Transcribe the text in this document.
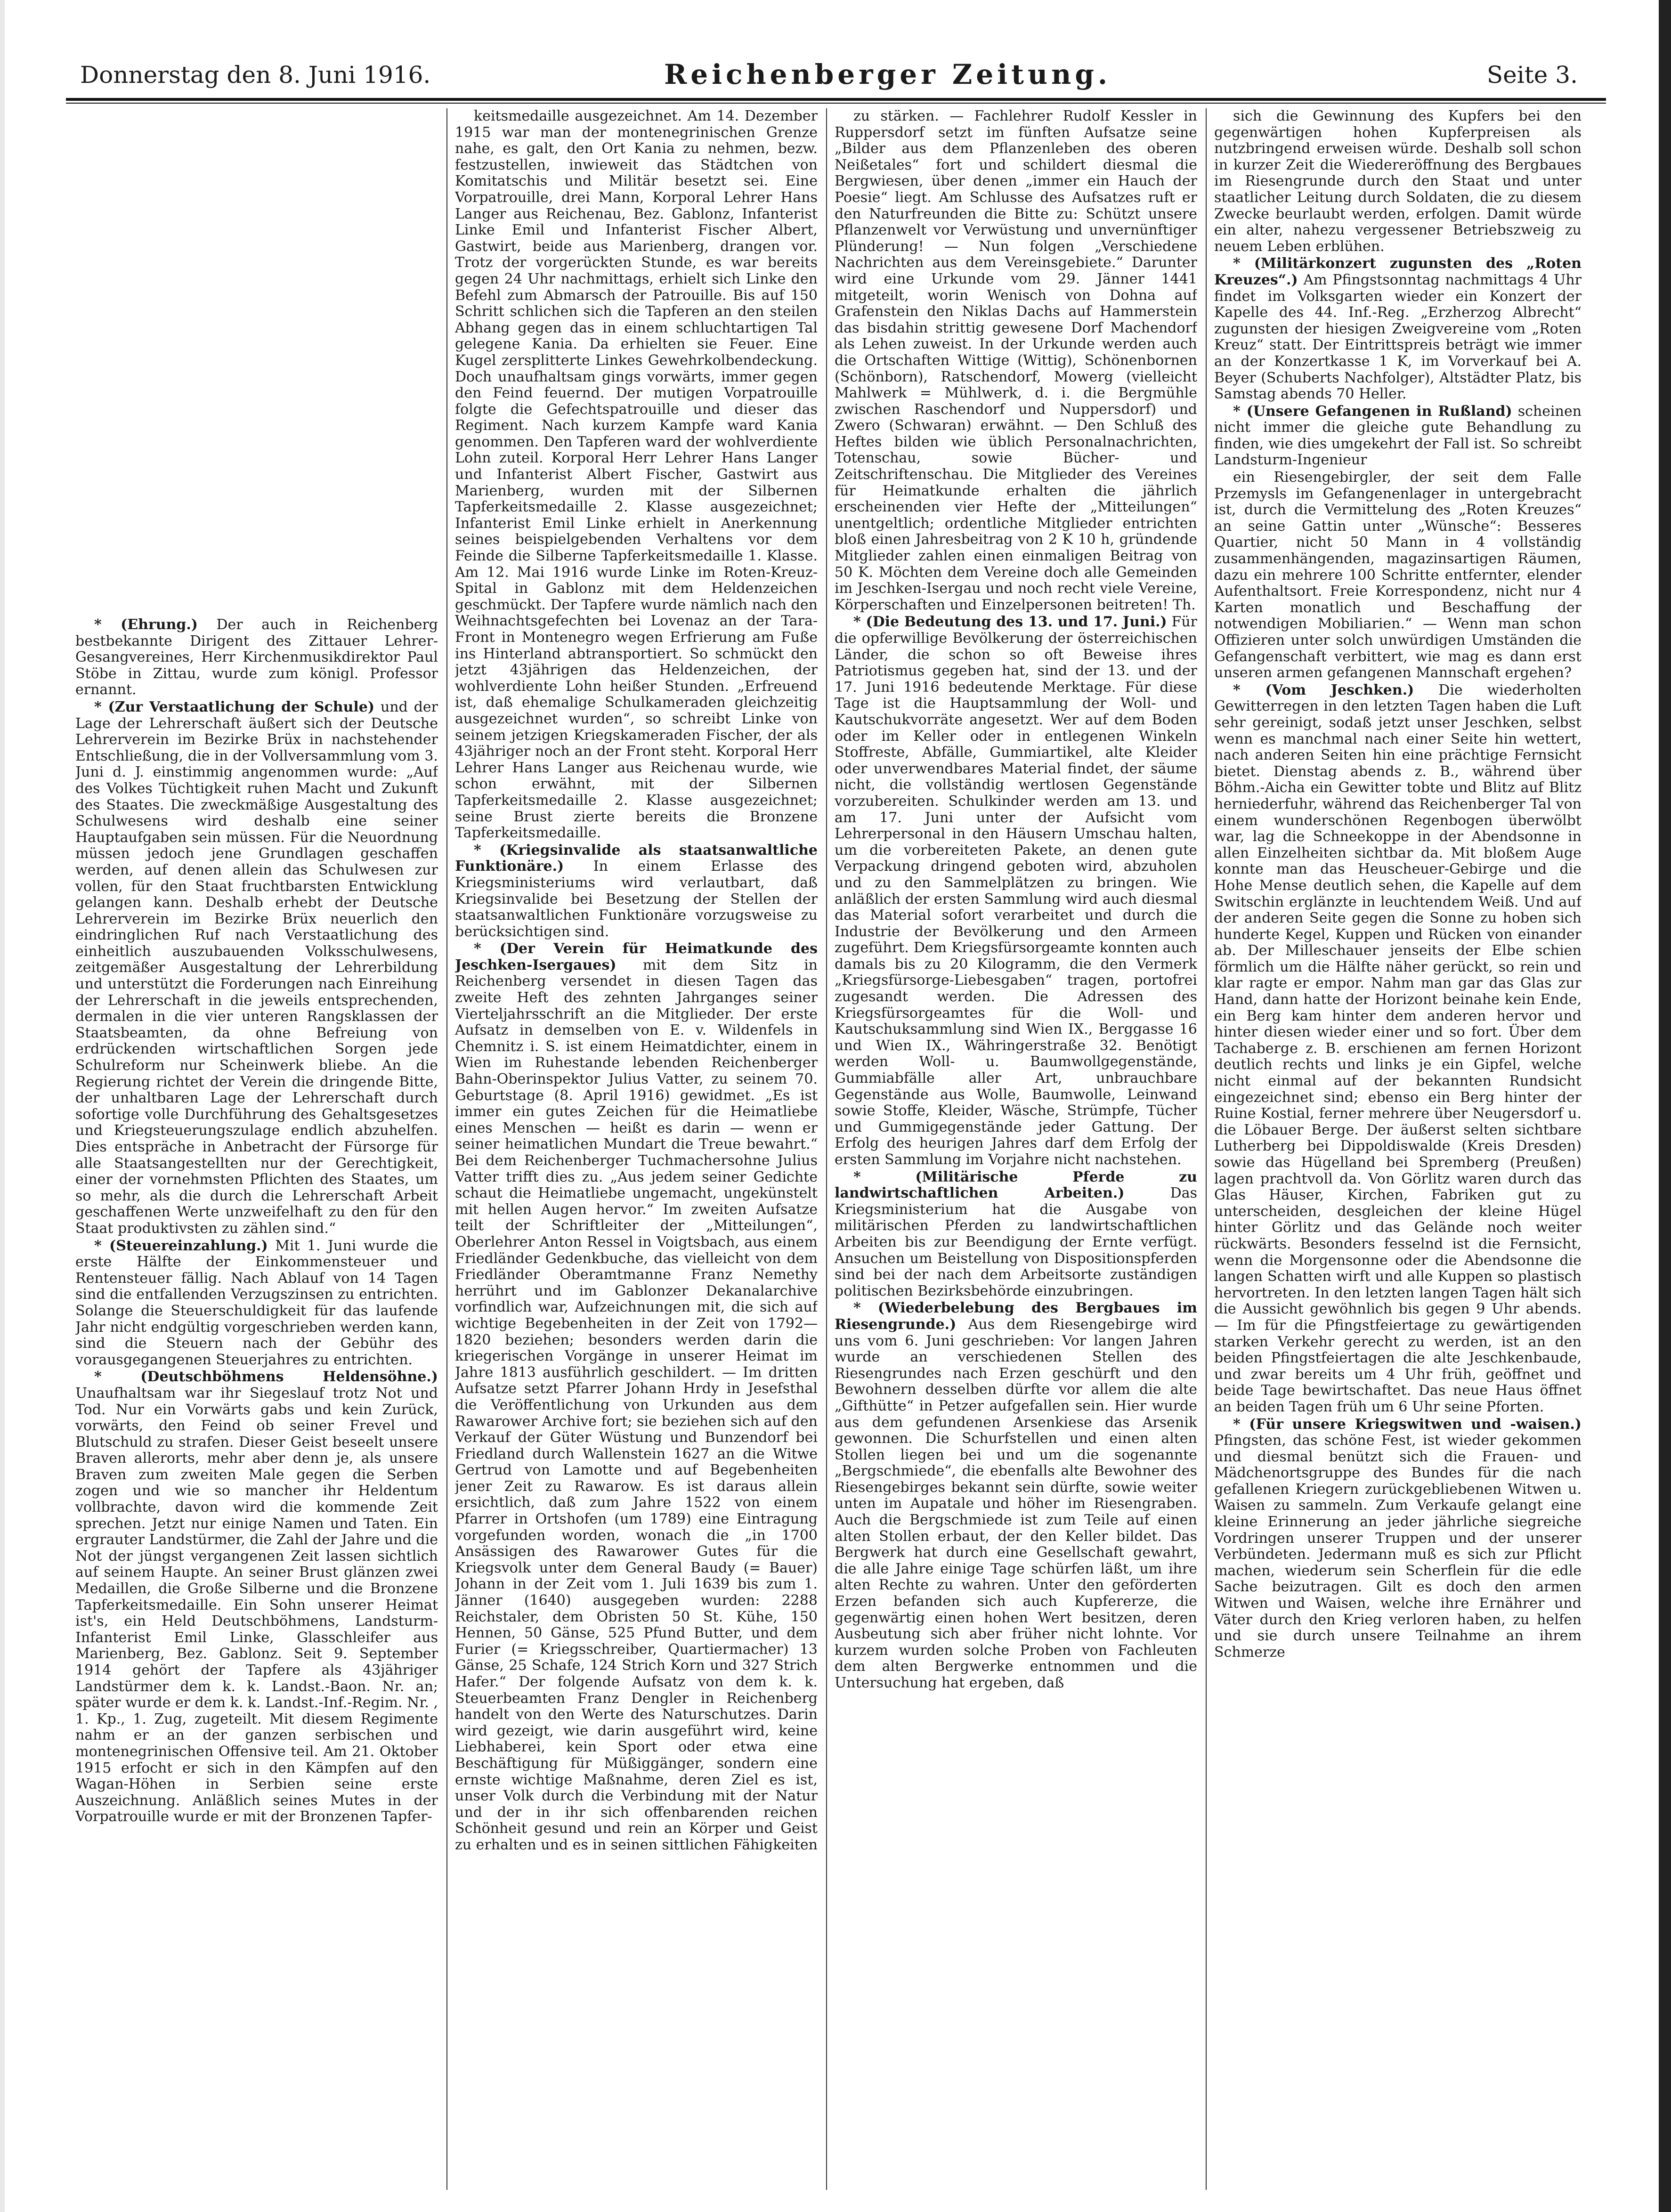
Donnerstag den 8. Juni 1916.	Reichenberger Zeitung.	Seite 3.

* (Ehrung.) Der auch in Reichenberg bestbekannte Dirigent des Zittauer Lehrer-Gesangvereines, Herr Kirchenmusikdirektor Paul Stöbe in Zittau, wurde zum königl. Professor ernannt.

* (Zur Verstaatlichung der Schule) und der Lage der Lehrerschaft äußert sich der Deutsche Lehrerverein im Bezirke Brüx in nachstehender Entschließung, die in der Vollversammlung vom 3. Juni d. J. einstimmig angenommen wurde: „Auf des Volkes Tüchtigkeit ruhen Macht und Zukunft des Staates. Die zweckmäßige Ausgestaltung des Schulwesens wird deshalb eine seiner Hauptaufgaben sein müssen. Für die Neuordnung müssen jedoch jene Grundlagen geschaffen werden, auf denen allein das Schulwesen zur vollen, für den Staat fruchtbarsten Entwicklung gelangen kann. Deshalb erhebt der Deutsche Lehrerverein im Bezirke Brüx neuerlich den eindringlichen Ruf nach Verstaatlichung des einheitlich auszubauenden Volksschulwesens, zeitgemäßer Ausgestaltung der Lehrerbildung und unterstützt die Forderungen nach Einreihung der Lehrerschaft in die jeweils entsprechenden, dermalen in die vier unteren Rangsklassen der Staatsbeamten, da ohne Befreiung von erdrückenden wirtschaftlichen Sorgen jede Schulreform nur Scheinwerk bliebe. An die Regierung richtet der Verein die dringende Bitte, der unhaltbaren Lage der Lehrerschaft durch sofortige volle Durchführung des Gehaltsgesetzes und Kriegsteuerungszulage endlich abzuhelfen. Dies entspräche in Anbetracht der Fürsorge für alle Staatsangestellten nur der Gerechtigkeit, einer der vornehmsten Pflichten des Staates, um so mehr, als die durch die Lehrerschaft Arbeit geschaffenen Werte unzweifelhaft zu den für den Staat produktivsten zu zählen sind.“

* (Steuereinzahlung.) Mit 1. Juni wurde die erste Hälfte der Einkommensteuer und Rentensteuer fällig. Nach Ablauf von 14 Tagen sind die entfallenden Verzugszinsen zu entrichten. Solange die Steuerschuldigkeit für das laufende Jahr nicht endgültig vorgeschrieben werden kann, sind die Steuern nach der Gebühr des vorausgegangenen Steuerjahres zu entrichten.

* (Deutschböhmens Heldensöhne.) Unaufhaltsam war ihr Siegeslauf trotz Not und Tod. Nur ein Vorwärts gabs und kein Zurück, vorwärts, den Feind ob seiner Frevel und Blutschuld zu strafen. Dieser Geist beseelt unsere Braven allerorts, mehr aber denn je, als unsere Braven zum zweiten Male gegen die Serben zogen und wie so mancher ihr Heldentum vollbrachte, davon wird die kommende Zeit sprechen. Jetzt nur einige Namen und Taten. Ein ergrauter Landstürmer, die Zahl der Jahre und die Not der jüngst vergangenen Zeit lassen sichtlich auf seinem Haupte. An seiner Brust glänzen zwei Medaillen, die Große Silberne und die Bronzene Tapferkeitsmedaille. Ein Sohn unserer Heimat ist's, ein Held Deutschböhmens, Landsturm-Infanterist Emil Linke, Glasschleifer aus Marienberg, Bez. Gablonz. Seit 9. September 1914 gehört der Tapfere als 43jähriger Landstürmer dem k. k. Landst.-Baon. Nr. an; später wurde er dem k. k. Landst.-Inf.-Regim. Nr. , 1. Kp., 1. Zug, zugeteilt. Mit diesem Regimente nahm er an der ganzen serbischen und montenegrinischen Offensive teil. Am 21. Oktober 1915 erfocht er sich in den Kämpfen auf den Wagan-Höhen in Serbien seine erste Auszeichnung. Anläßlich seines Mutes in der Vorpatrouille wurde er mit der Bronzenen Tapfer-

keitsmedaille ausgezeichnet. Am 14. Dezember 1915 war man der montenegrinischen Grenze nahe, es galt, den Ort Kania zu nehmen, bezw. festzustellen, inwieweit das Städtchen von Komitatschis und Militär besetzt sei. Eine Vorpatrouille, drei Mann, Korporal Lehrer Hans Langer aus Reichenau, Bez. Gablonz, Infanterist Linke Emil und Infanterist Fischer Albert, Gastwirt, beide aus Marienberg, drangen vor. Trotz der vorgerückten Stunde, es war bereits gegen 24 Uhr nachmittags, erhielt sich Linke den Befehl zum Abmarsch der Patrouille. Bis auf 150 Schritt schlichen sich die Tapferen an den steilen Abhang gegen das in einem schluchtartigen Tal gelegene Kania. Da erhielten sie Feuer. Eine Kugel zersplitterte Linkes Gewehrkolbendeckung. Doch unaufhaltsam gings vorwärts, immer gegen den Feind feuernd. Der mutigen Vorpatrouille folgte die Gefechtspatrouille und dieser das Regiment. Nach kurzem Kampfe ward Kania genommen. Den Tapferen ward der wohlverdiente Lohn zuteil. Korporal Herr Lehrer Hans Langer und Infanterist Albert Fischer, Gastwirt aus Marienberg, wurden mit der Silbernen Tapferkeitsmedaille 2. Klasse ausgezeichnet; Infanterist Emil Linke erhielt in Anerkennung seines beispielgebenden Verhaltens vor dem Feinde die Silberne Tapferkeitsmedaille 1. Klasse. Am 12. Mai 1916 wurde Linke im Roten-Kreuz-Spital in Gablonz mit dem Heldenzeichen geschmückt. Der Tapfere wurde nämlich nach den Weihnachtsgefechten bei Lovenaz an der Tara-Front in Montenegro wegen Erfrierung am Fuße ins Hinterland abtransportiert. So schmückt den jetzt 43jährigen das Heldenzeichen, der wohlverdiente Lohn heißer Stunden. „Erfreuend ist, daß ehemalige Schulkameraden gleichzeitig ausgezeichnet wurden“, so schreibt Linke von seinem jetzigen Kriegskameraden Fischer, der als 43jähriger noch an der Front steht. Korporal Herr Lehrer Hans Langer aus Reichenau wurde, wie schon erwähnt, mit der Silbernen Tapferkeitsmedaille 2. Klasse ausgezeichnet; seine Brust zierte bereits die Bronzene Tapferkeitsmedaille.

* (Kriegsinvalide als staatsanwaltliche Funktionäre.) In einem Erlasse des Kriegsministeriums wird verlautbart, daß Kriegsinvalide bei Besetzung der Stellen der staatsanwaltlichen Funktionäre vorzugsweise zu berücksichtigen sind.

* (Der Verein für Heimatkunde des Jeschken-Isergaues) mit dem Sitz in Reichenberg versendet in diesen Tagen das zweite Heft des zehnten Jahrganges seiner Vierteljahrsschrift an die Mitglieder. Der erste Aufsatz in demselben von E. v. Wildenfels in Chemnitz i. S. ist einem Heimatdichter, einem in Wien im Ruhestande lebenden Reichenberger Bahn-Oberinspektor Julius Vatter, zu seinem 70. Geburtstage (8. April 1916) gewidmet. „Es ist immer ein gutes Zeichen für die Heimatliebe eines Menschen — heißt es darin — wenn er seiner heimatlichen Mundart die Treue bewahrt.“ Bei dem Reichenberger Tuchmachersohne Julius Vatter trifft dies zu. „Aus jedem seiner Gedichte schaut die Heimatliebe ungemacht, ungekünstelt mit hellen Augen hervor.“ Im zweiten Aufsatze teilt der Schriftleiter der „Mitteilungen“, Oberlehrer Anton Ressel in Voigtsbach, aus einem Friedländer Gedenkbuche, das vielleicht von dem Friedländer Oberamtmanne Franz Nemethy herrührt und im Gablonzer Dekanalarchive vorfindlich war, Aufzeichnungen mit, die sich auf wichtige Begebenheiten in der Zeit von 1792—1820 beziehen; besonders werden darin die kriegerischen Vorgänge in unserer Heimat im Jahre 1813 ausführlich geschildert. — Im dritten Aufsatze setzt Pfarrer Johann Hrdy in Jesefsthal die Veröffentlichung von Urkunden aus dem Rawarower Archive fort; sie beziehen sich auf den Verkauf der Güter Wüstung und Bunzendorf bei Friedland durch Wallenstein 1627 an die Witwe Gertrud von Lamotte und auf Begebenheiten jener Zeit zu Rawarow. Es ist daraus allein ersichtlich, daß zum Jahre 1522 von einem Pfarrer in Ortshofen (um 1789) eine Eintragung vorgefunden worden, wonach die „in 1700 Ansässigen des Rawarower Gutes für die Kriegsvolk unter dem General Baudy (= Bauer) Johann in der Zeit vom 1. Juli 1639 bis zum 1. Jänner (1640) ausgegeben wurden: 2288 Reichstaler, dem Obristen 50 St. Kühe, 150 Hennen, 50 Gänse, 525 Pfund Butter, und dem Furier (= Kriegsschreiber, Quartiermacher) 13 Gänse, 25 Schafe, 124 Strich Korn und 327 Strich Hafer.“ Der folgende Aufsatz von dem k. k. Steuerbeamten Franz Dengler in Reichenberg handelt von den Werte des Naturschutzes. Darin wird gezeigt, wie darin ausgeführt wird, keine Liebhaberei, kein Sport oder etwa eine Beschäftigung für Müßiggänger, sondern eine ernste wichtige Maßnahme, deren Ziel es ist, unser Volk durch die Verbindung mit der Natur und der in ihr sich offenbarenden reichen Schönheit gesund und rein an Körper und Geist zu erhalten und es in seinen sittlichen Fähigkeiten

zu stärken. — Fachlehrer Rudolf Kessler in Ruppersdorf setzt im fünften Aufsatze seine „Bilder aus dem Pflanzenleben des oberen Neißetales“ fort und schildert diesmal die Bergwiesen, über denen „immer ein Hauch der Poesie“ liegt. Am Schlusse des Aufsatzes ruft er den Naturfreunden die Bitte zu: Schützt unsere Pflanzenwelt vor Verwüstung und unvernünftiger Plünderung! — Nun folgen „Verschiedene Nachrichten aus dem Vereinsgebiete.“ Darunter wird eine Urkunde vom 29. Jänner 1441 mitgeteilt, worin Wenisch von Dohna auf Grafenstein den Niklas Dachs auf Hammerstein das bisdahin strittig gewesene Dorf Machendorf als Lehen zuweist. In der Urkunde werden auch die Ortschaften Wittige (Wittig), Schönenbornen (Schönborn), Ratschendorf, Mowerg (vielleicht Mahlwerk = Mühlwerk, d. i. die Bergmühle zwischen Raschendorf und Nuppersdorf) und Zwero (Schwaran) erwähnt. — Den Schluß des Heftes bilden wie üblich Personalnachrichten, Totenschau, sowie Bücher- und Zeitschriftenschau. Die Mitglieder des Vereines für Heimatkunde erhalten die jährlich erscheinenden vier Hefte der „Mitteilungen“ unentgeltlich; ordentliche Mitglieder entrichten bloß einen Jahresbeitrag von 2 K 10 h, gründende Mitglieder zahlen einen einmaligen Beitrag von 50 K. Möchten dem Vereine doch alle Gemeinden im Jeschken-Isergau und noch recht viele Vereine, Körperschaften und Einzelpersonen beitreten! Th.

* (Die Bedeutung des 13. und 17. Juni.) Für die opferwillige Bevölkerung der österreichischen Länder, die schon so oft Beweise ihres Patriotismus gegeben hat, sind der 13. und der 17. Juni 1916 bedeutende Merktage. Für diese Tage ist die Hauptsammlung der Woll- und Kautschukvorräte angesetzt. Wer auf dem Boden oder im Keller oder in entlegenen Winkeln Stoffreste, Abfälle, Gummiartikel, alte Kleider oder unverwendbares Material findet, der säume nicht, die vollständig wertlosen Gegenstände vorzubereiten. Schulkinder werden am 13. und am 17. Juni unter der Aufsicht vom Lehrerpersonal in den Häusern Umschau halten, um die vorbereiteten Pakete, an denen gute Verpackung dringend geboten wird, abzuholen und zu den Sammelplätzen zu bringen. Wie anläßlich der ersten Sammlung wird auch diesmal das Material sofort verarbeitet und durch die Industrie der Bevölkerung und den Armeen zugeführt. Dem Kriegsfürsorgeamte konnten auch damals bis zu 20 Kilogramm, die den Vermerk „Kriegsfürsorge-Liebesgaben“ tragen, portofrei zugesandt werden. Die Adressen des Kriegsfürsorgeamtes für die Woll- und Kautschuksammlung sind Wien IX., Berggasse 16 und Wien IX., Währingerstraße 32. Benötigt werden Woll- u. Baumwollgegenstände, Gummiabfälle aller Art, unbrauchbare Gegenstände aus Wolle, Baumwolle, Leinwand sowie Stoffe, Kleider, Wäsche, Strümpfe, Tücher und Gummigegenstände jeder Gattung. Der Erfolg des heurigen Jahres darf dem Erfolg der ersten Sammlung im Vorjahre nicht nachstehen.

* (Militärische Pferde zu landwirtschaftlichen Arbeiten.)	Das Kriegsministerium hat die Ausgabe von militärischen Pferden zu landwirtschaftlichen Arbeiten bis zur Beendigung der Ernte verfügt. Ansuchen um Beistellung von Dispositionspferden sind bei der nach dem Arbeitsorte zuständigen politischen Bezirksbehörde einzubringen.

* (Wiederbelebung des Bergbaues im Riesengrunde.) Aus dem Riesengebirge wird uns vom 6. Juni geschrieben: Vor langen Jahren wurde an verschiedenen Stellen des Riesengrundes nach Erzen geschürft und den Bewohnern desselben dürfte vor allem die alte „Gifthütte“ in Petzer aufgefallen sein. Hier wurde aus dem gefundenen Arsenkiese das Arsenik gewonnen. Die Schurfstellen und einen alten Stollen liegen bei und um die sogenannte „Bergschmiede“, die ebenfalls alte Bewohner des Riesengebirges bekannt sein dürfte, sowie weiter unten im Aupatale und höher im Riesengraben. Auch die Bergschmiede ist zum Teile auf einen alten Stollen erbaut, der den Keller bildet. Das Bergwerk hat durch eine Gesellschaft gewahrt, die alle Jahre einige Tage schürfen läßt, um ihre alten Rechte zu wahren. Unter den geförderten Erzen befanden sich auch Kupfererze, die gegenwärtig einen hohen Wert besitzen, deren Ausbeutung sich aber früher nicht lohnte. Vor kurzem wurden solche Proben von Fachleuten dem alten Bergwerke entnommen und die Untersuchung hat ergeben, daß

sich die Gewinnung des Kupfers bei den gegenwärtigen hohen Kupferpreisen als nutzbringend erweisen würde. Deshalb soll schon in kurzer Zeit die Wiedereröffnung des Bergbaues im Riesengrunde durch den Staat und unter staatlicher Leitung durch Soldaten, die zu diesem Zwecke beurlaubt werden, erfolgen. Damit würde ein alter, nahezu vergessener Betriebszweig zu neuem Leben erblühen.

* (Militärkonzert zugunsten des „Roten Kreuzes“.) Am Pfingstsonntag nachmittags 4 Uhr findet im Volksgarten wieder ein Konzert der Kapelle des 44. Inf.-Reg. „Erzherzog Albrecht“ zugunsten der hiesigen Zweigvereine vom „Roten Kreuz“ statt. Der Eintrittspreis beträgt wie immer an der Konzertkasse 1 K, im Vorverkauf bei A. Beyer (Schuberts Nachfolger), Altstädter Platz, bis Samstag abends 70 Heller.

* (Unsere Gefangenen in Rußland) scheinen nicht immer die gleiche gute Behandlung zu finden, wie dies umgekehrt der Fall ist. So schreibt Landsturm-Ingenieur

ein Riesengebirgler, der seit dem Falle Przemysls im Gefangenenlager in untergebracht ist, durch die Vermittelung des „Roten Kreuzes“ an seine Gattin unter „Wünsche“: Besseres Quartier, nicht 50 Mann in 4 vollständig zusammenhängenden, magazinsartigen Räumen, dazu ein mehrere 100 Schritte entfernter, elender Aufenthaltsort. Freie Korrespondenz, nicht nur 4 Karten monatlich und Beschaffung der notwendigen Mobiliarien.“ — Wenn man schon Offizieren unter solch unwürdigen Umständen die Gefangenschaft verbittert, wie mag es dann erst unseren armen gefangenen Mannschaft ergehen?

* (Vom Jeschken.) Die wiederholten Gewitterregen in den letzten Tagen haben die Luft sehr gereinigt, sodaß jetzt unser Jeschken, selbst wenn es manchmal nach einer Seite hin wettert, nach anderen Seiten hin eine prächtige Fernsicht bietet. Dienstag abends z. B., während über Böhm.-Aicha ein Gewitter tobte und Blitz auf Blitz herniederfuhr, während das Reichenberger Tal von einem wunderschönen Regenbogen überwölbt war, lag die Schneekoppe in der Abendsonne in allen Einzelheiten sichtbar da. Mit bloßem Auge konnte man das Heuscheuer-Gebirge und die Hohe Mense deutlich sehen, die Kapelle auf dem Switschin erglänzte in leuchtendem Weiß. Und auf der anderen Seite gegen die Sonne zu hoben sich hunderte Kegel, Kuppen und Rücken von einander ab. Der Milleschauer jenseits der Elbe schien förmlich um die Hälfte näher gerückt, so rein und klar ragte er empor. Nahm man gar das Glas zur Hand, dann hatte der Horizont beinahe kein Ende, ein Berg kam hinter dem anderen hervor und hinter diesen wieder einer und so fort. Über dem Tachaberge z. B. erschienen am fernen Horizont deutlich rechts und links je ein Gipfel, welche nicht einmal auf der bekannten Rundsicht eingezeichnet sind; ebenso ein Berg hinter der Ruine Kostial, ferner mehrere über Neugersdorf u. die Löbauer Berge. Der äußerst selten sichtbare Lutherberg bei Dippoldiswalde (Kreis Dresden) sowie das Hügelland bei Spremberg (Preußen) lagen prachtvoll da. Von Görlitz waren durch das Glas Häuser, Kirchen, Fabriken gut zu unterscheiden, desgleichen der kleine Hügel hinter Görlitz und das Gelände noch weiter rückwärts. Besonders fesselnd ist die Fernsicht, wenn die Morgensonne oder die Abendsonne die langen Schatten wirft und alle Kuppen so plastisch hervortreten. In den letzten langen Tagen hält sich die Aussicht gewöhnlich bis gegen 9 Uhr abends. — Im für die Pfingstfeiertage zu gewärtigenden starken Verkehr gerecht zu werden, ist an den beiden Pfingstfeiertagen die alte Jeschkenbaude, und zwar bereits um 4 Uhr früh, geöffnet und beide Tage bewirtschaftet. Das neue Haus öffnet an beiden Tagen früh um 6 Uhr seine Pforten.

* (Für unsere Kriegswitwen und -waisen.) Pfingsten, das schöne Fest, ist wieder gekommen und diesmal benützt sich die Frauen- und Mädchenortsgruppe des Bundes für die nach gefallenen Kriegern zurückgebliebenen Witwen u. Waisen zu sammeln. Zum Verkaufe gelangt eine kleine Erinnerung an jeder jährliche siegreiche Vordringen unserer Truppen und der unserer Verbündeten. Jedermann muß es sich zur Pflicht machen, wiederum sein Scherflein für die edle Sache beizutragen. Gilt es doch den armen Witwen und Waisen, welche ihre Ernährer und Väter durch den Krieg verloren haben, zu helfen und sie durch unsere Teilnahme an ihrem Schmerze
